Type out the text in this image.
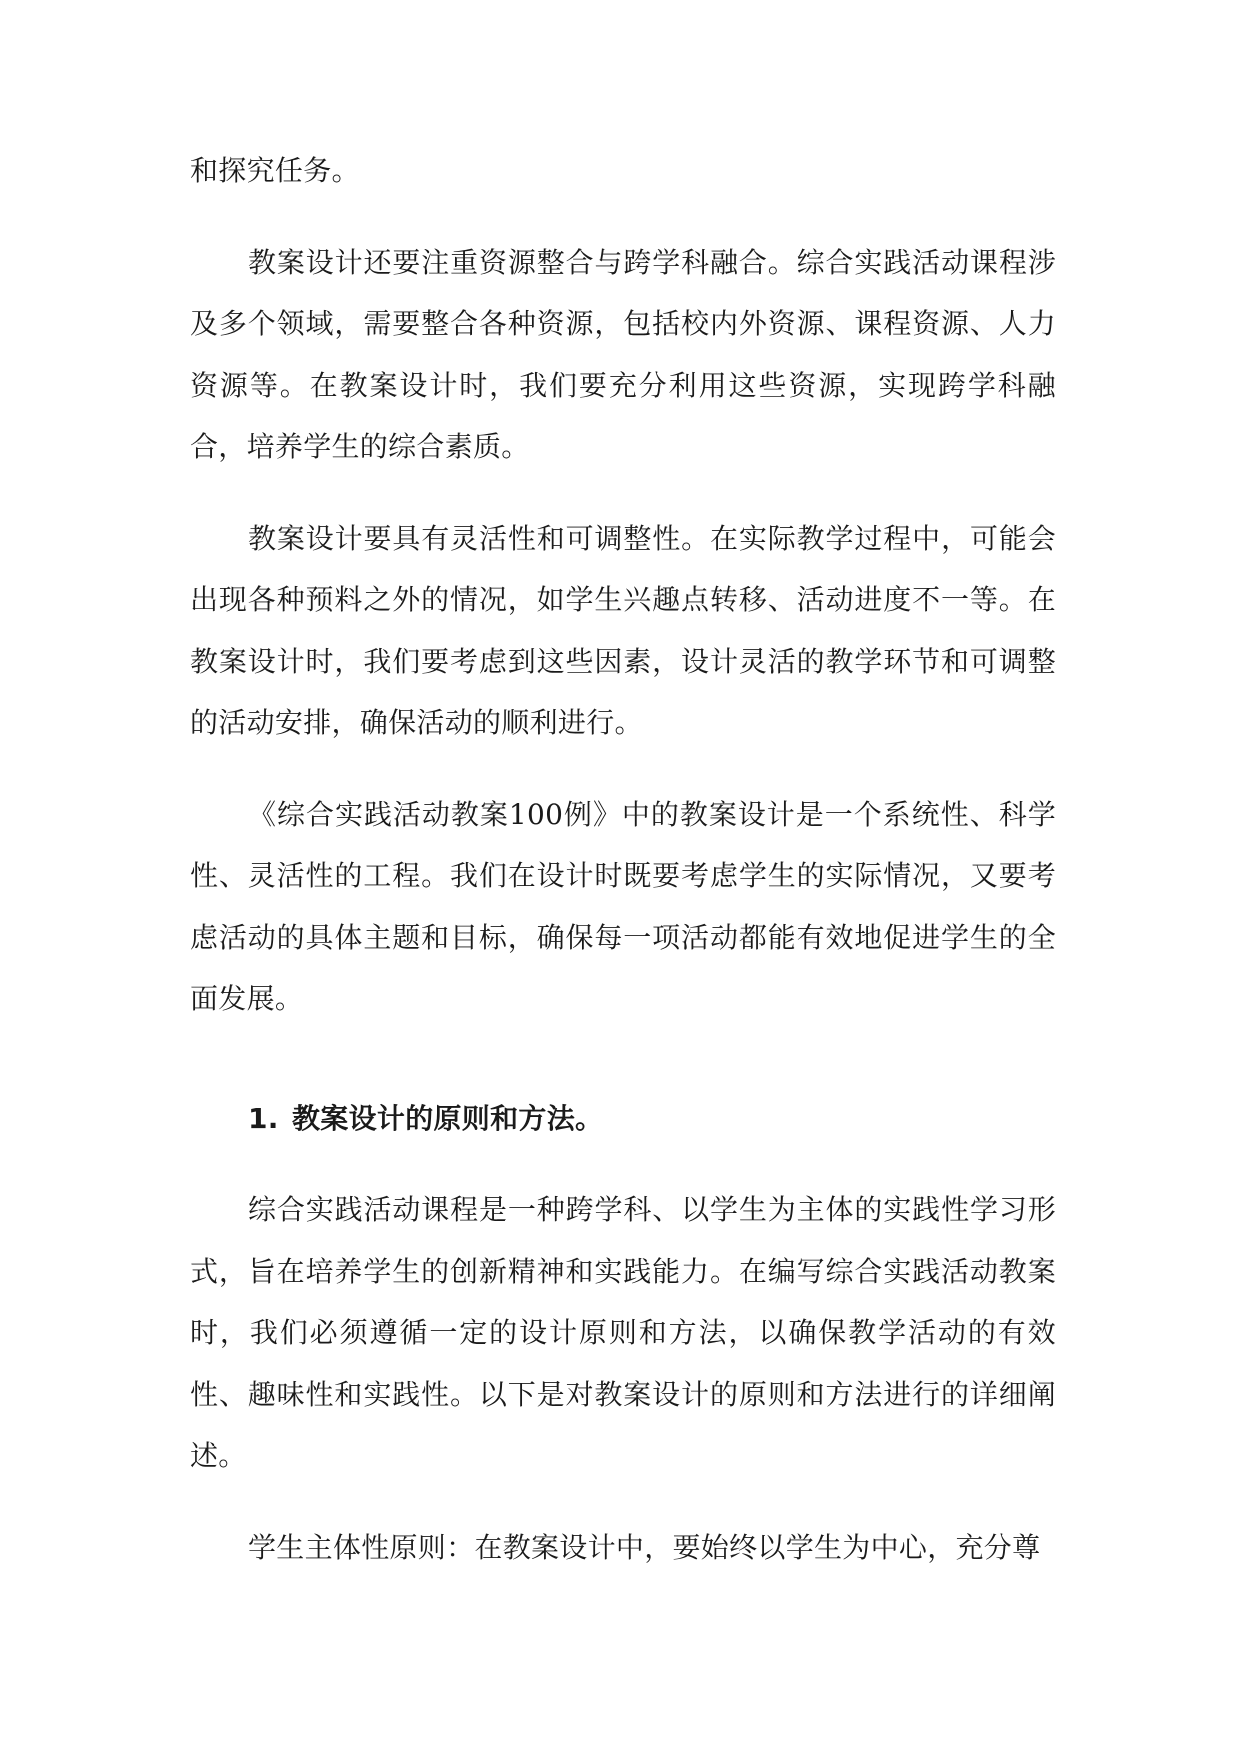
和探究任务。

教案设计还要注重资源整合与跨学科融合。综合实践活动课程涉及多个领域，需要整合各种资源，包括校内外资源、课程资源、人力资源等。在教案设计时，我们要充分利用这些资源，实现跨学科融合，培养学生的综合素质。

教案设计要具有灵活性和可调整性。在实际教学过程中，可能会出现各种预料之外的情况，如学生兴趣点转移、活动进度不一等。在教案设计时，我们要考虑到这些因素，设计灵活的教学环节和可调整的活动安排，确保活动的顺利进行。

《综合实践活动教案100例》中的教案设计是一个系统性、科学性、灵活性的工程。我们在设计时既要考虑学生的实际情况，又要考虑活动的具体主题和目标，确保每一项活动都能有效地促进学生的全面发展。

1. 教案设计的原则和方法。

综合实践活动课程是一种跨学科、以学生为主体的实践性学习形式，旨在培养学生的创新精神和实践能力。在编写综合实践活动教案时，我们必须遵循一定的设计原则和方法，以确保教学活动的有效性、趣味性和实践性。以下是对教案设计的原则和方法进行的详细阐述。

学生主体性原则：在教案设计中，要始终以学生为中心，充分尊
